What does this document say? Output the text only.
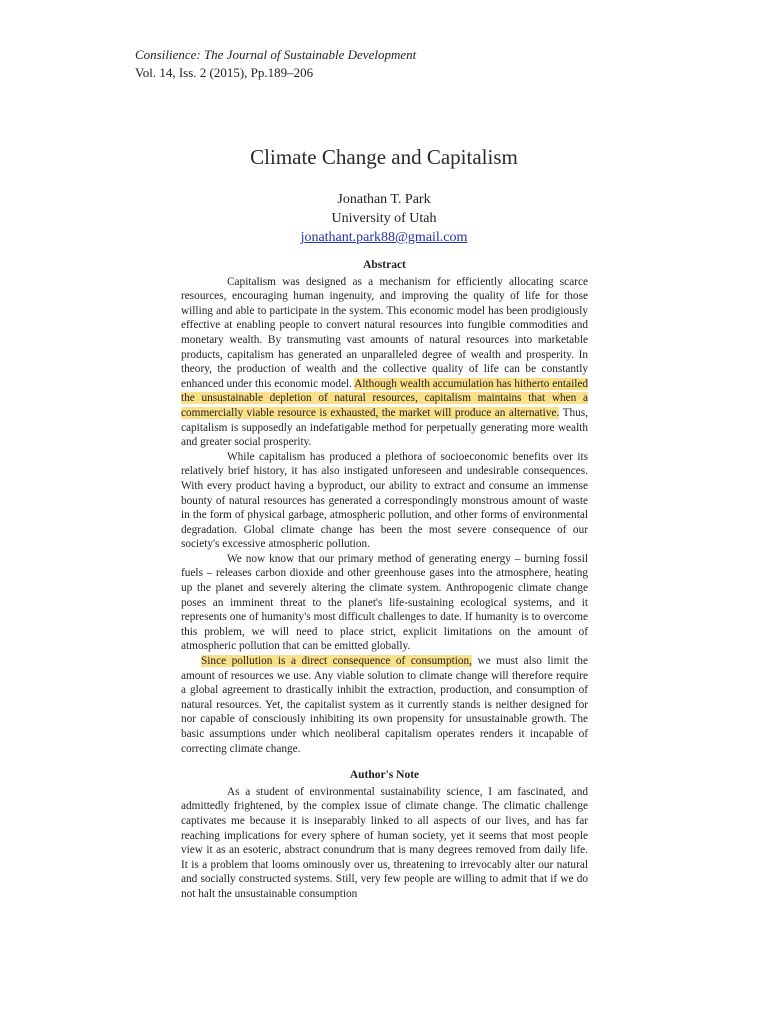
Consilience: The Journal of Sustainable Development
Vol. 14, Iss. 2 (2015), Pp.189–206
Climate Change and Capitalism
Jonathan T. Park
University of Utah
jonathant.park88@gmail.com
Abstract

Capitalism was designed as a mechanism for efficiently allocating scarce resources, encouraging human ingenuity, and improving the quality of life for those willing and able to participate in the system. This economic model has been prodigiously effective at enabling people to convert natural resources into fungible commodities and monetary wealth. By transmuting vast amounts of natural resources into marketable products, capitalism has generated an unparalleled degree of wealth and prosperity. In theory, the production of wealth and the collective quality of life can be constantly enhanced under this economic model. Although wealth accumulation has hitherto entailed the unsustainable depletion of natural resources, capitalism maintains that when a commercially viable resource is exhausted, the market will produce an alternative. Thus, capitalism is supposedly an indefatigable method for perpetually generating more wealth and greater social prosperity.

While capitalism has produced a plethora of socioeconomic benefits over its relatively brief history, it has also instigated unforeseen and undesirable consequences. With every product having a byproduct, our ability to extract and consume an immense bounty of natural resources has generated a correspondingly monstrous amount of waste in the form of physical garbage, atmospheric pollution, and other forms of environmental degradation. Global climate change has been the most severe consequence of our society's excessive atmospheric pollution.

We now know that our primary method of generating energy – burning fossil fuels – releases carbon dioxide and other greenhouse gases into the atmosphere, heating up the planet and severely altering the climate system. Anthropogenic climate change poses an imminent threat to the planet's life-sustaining ecological systems, and it represents one of humanity's most difficult challenges to date. If humanity is to overcome this problem, we will need to place strict, explicit limitations on the amount of atmospheric pollution that can be emitted globally.

Since pollution is a direct consequence of consumption, we must also limit the amount of resources we use. Any viable solution to climate change will therefore require a global agreement to drastically inhibit the extraction, production, and consumption of natural resources. Yet, the capitalist system as it currently stands is neither designed for nor capable of consciously inhibiting its own propensity for unsustainable growth. The basic assumptions under which neoliberal capitalism operates renders it incapable of correcting climate change.

Author's Note

As a student of environmental sustainability science, I am fascinated, and admittedly frightened, by the complex issue of climate change. The climatic challenge captivates me because it is inseparably linked to all aspects of our lives, and has far reaching implications for every sphere of human society, yet it seems that most people view it as an esoteric, abstract conundrum that is many degrees removed from daily life. It is a problem that looms ominously over us, threatening to irrevocably alter our natural and socially constructed systems. Still, very few people are willing to admit that if we do not halt the unsustainable consumption
